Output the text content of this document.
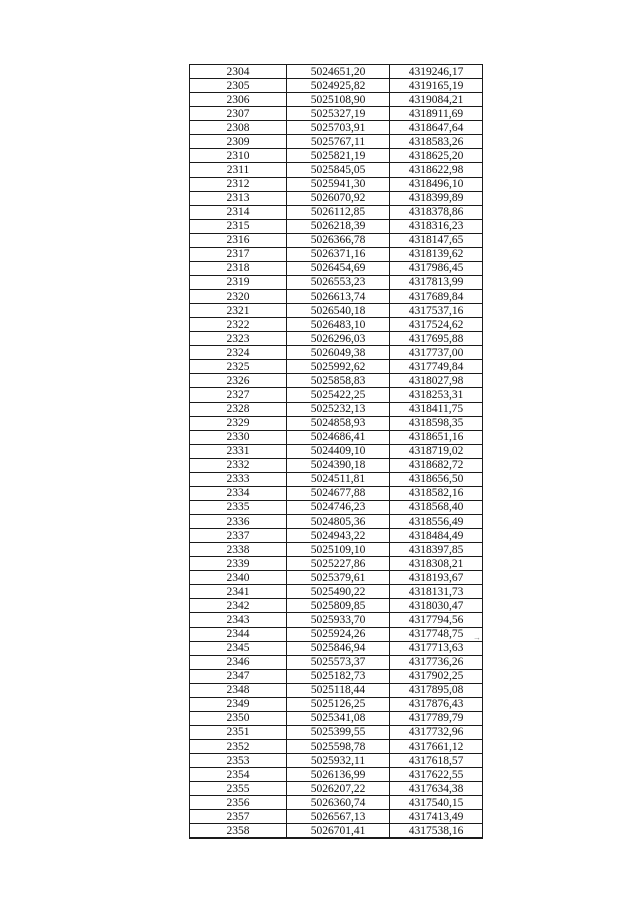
2304	5024651,20	4319246,17
2305	5024925,82	4319165,19
2306	5025108,90	4319084,21
2307	5025327,19	4318911,69
2308	5025703,91	4318647,64
2309	5025767,11	4318583,26
2310	5025821,19	4318625,20
2311	5025845,05	4318622,98
2312	5025941,30	4318496,10
2313	5026070,92	4318399,89
2314	5026112,85	4318378,86
2315	5026218,39	4318316,23
2316	5026366,78	4318147,65
2317	5026371,16	4318139,62
2318	5026454,69	4317986,45
2319	5026553,23	4317813,99
2320	5026613,74	4317689,84
2321	5026540,18	4317537,16
2322	5026483,10	4317524,62
2323	5026296,03	4317695,88
2324	5026049,38	4317737,00
2325	5025992,62	4317749,84
2326	5025858,83	4318027,98
2327	5025422,25	4318253,31
2328	5025232,13	4318411,75
2329	5024858,93	4318598,35
2330	5024686,41	4318651,16
2331	5024409,10	4318719,02
2332	5024390,18	4318682,72
2333	5024511,81	4318656,50
2334	5024677,88	4318582,16
2335	5024746,23	4318568,40
2336	5024805,36	4318556,49
2337	5024943,22	4318484,49
2338	5025109,10	4318397,85
2339	5025227,86	4318308,21
2340	5025379,61	4318193,67
2341	5025490,22	4318131,73
2342	5025809,85	4318030,47
2343	5025933,70	4317794,56
2344	5025924,26	4317748,75
2345	5025846,94	4317713,63
2346	5025573,37	4317736,26
2347	5025182,73	4317902,25
2348	5025118,44	4317895,08
2349	5025126,25	4317876,43
2350	5025341,08	4317789,79
2351	5025399,55	4317732,96
2352	5025598,78	4317661,12
2353	5025932,11	4317618,57
2354	5026136,99	4317622,55
2355	5026207,22	4317634,38
2356	5026360,74	4317540,15
2357	5026567,13	4317413,49
2358	5026701,41	4317538,16
→
